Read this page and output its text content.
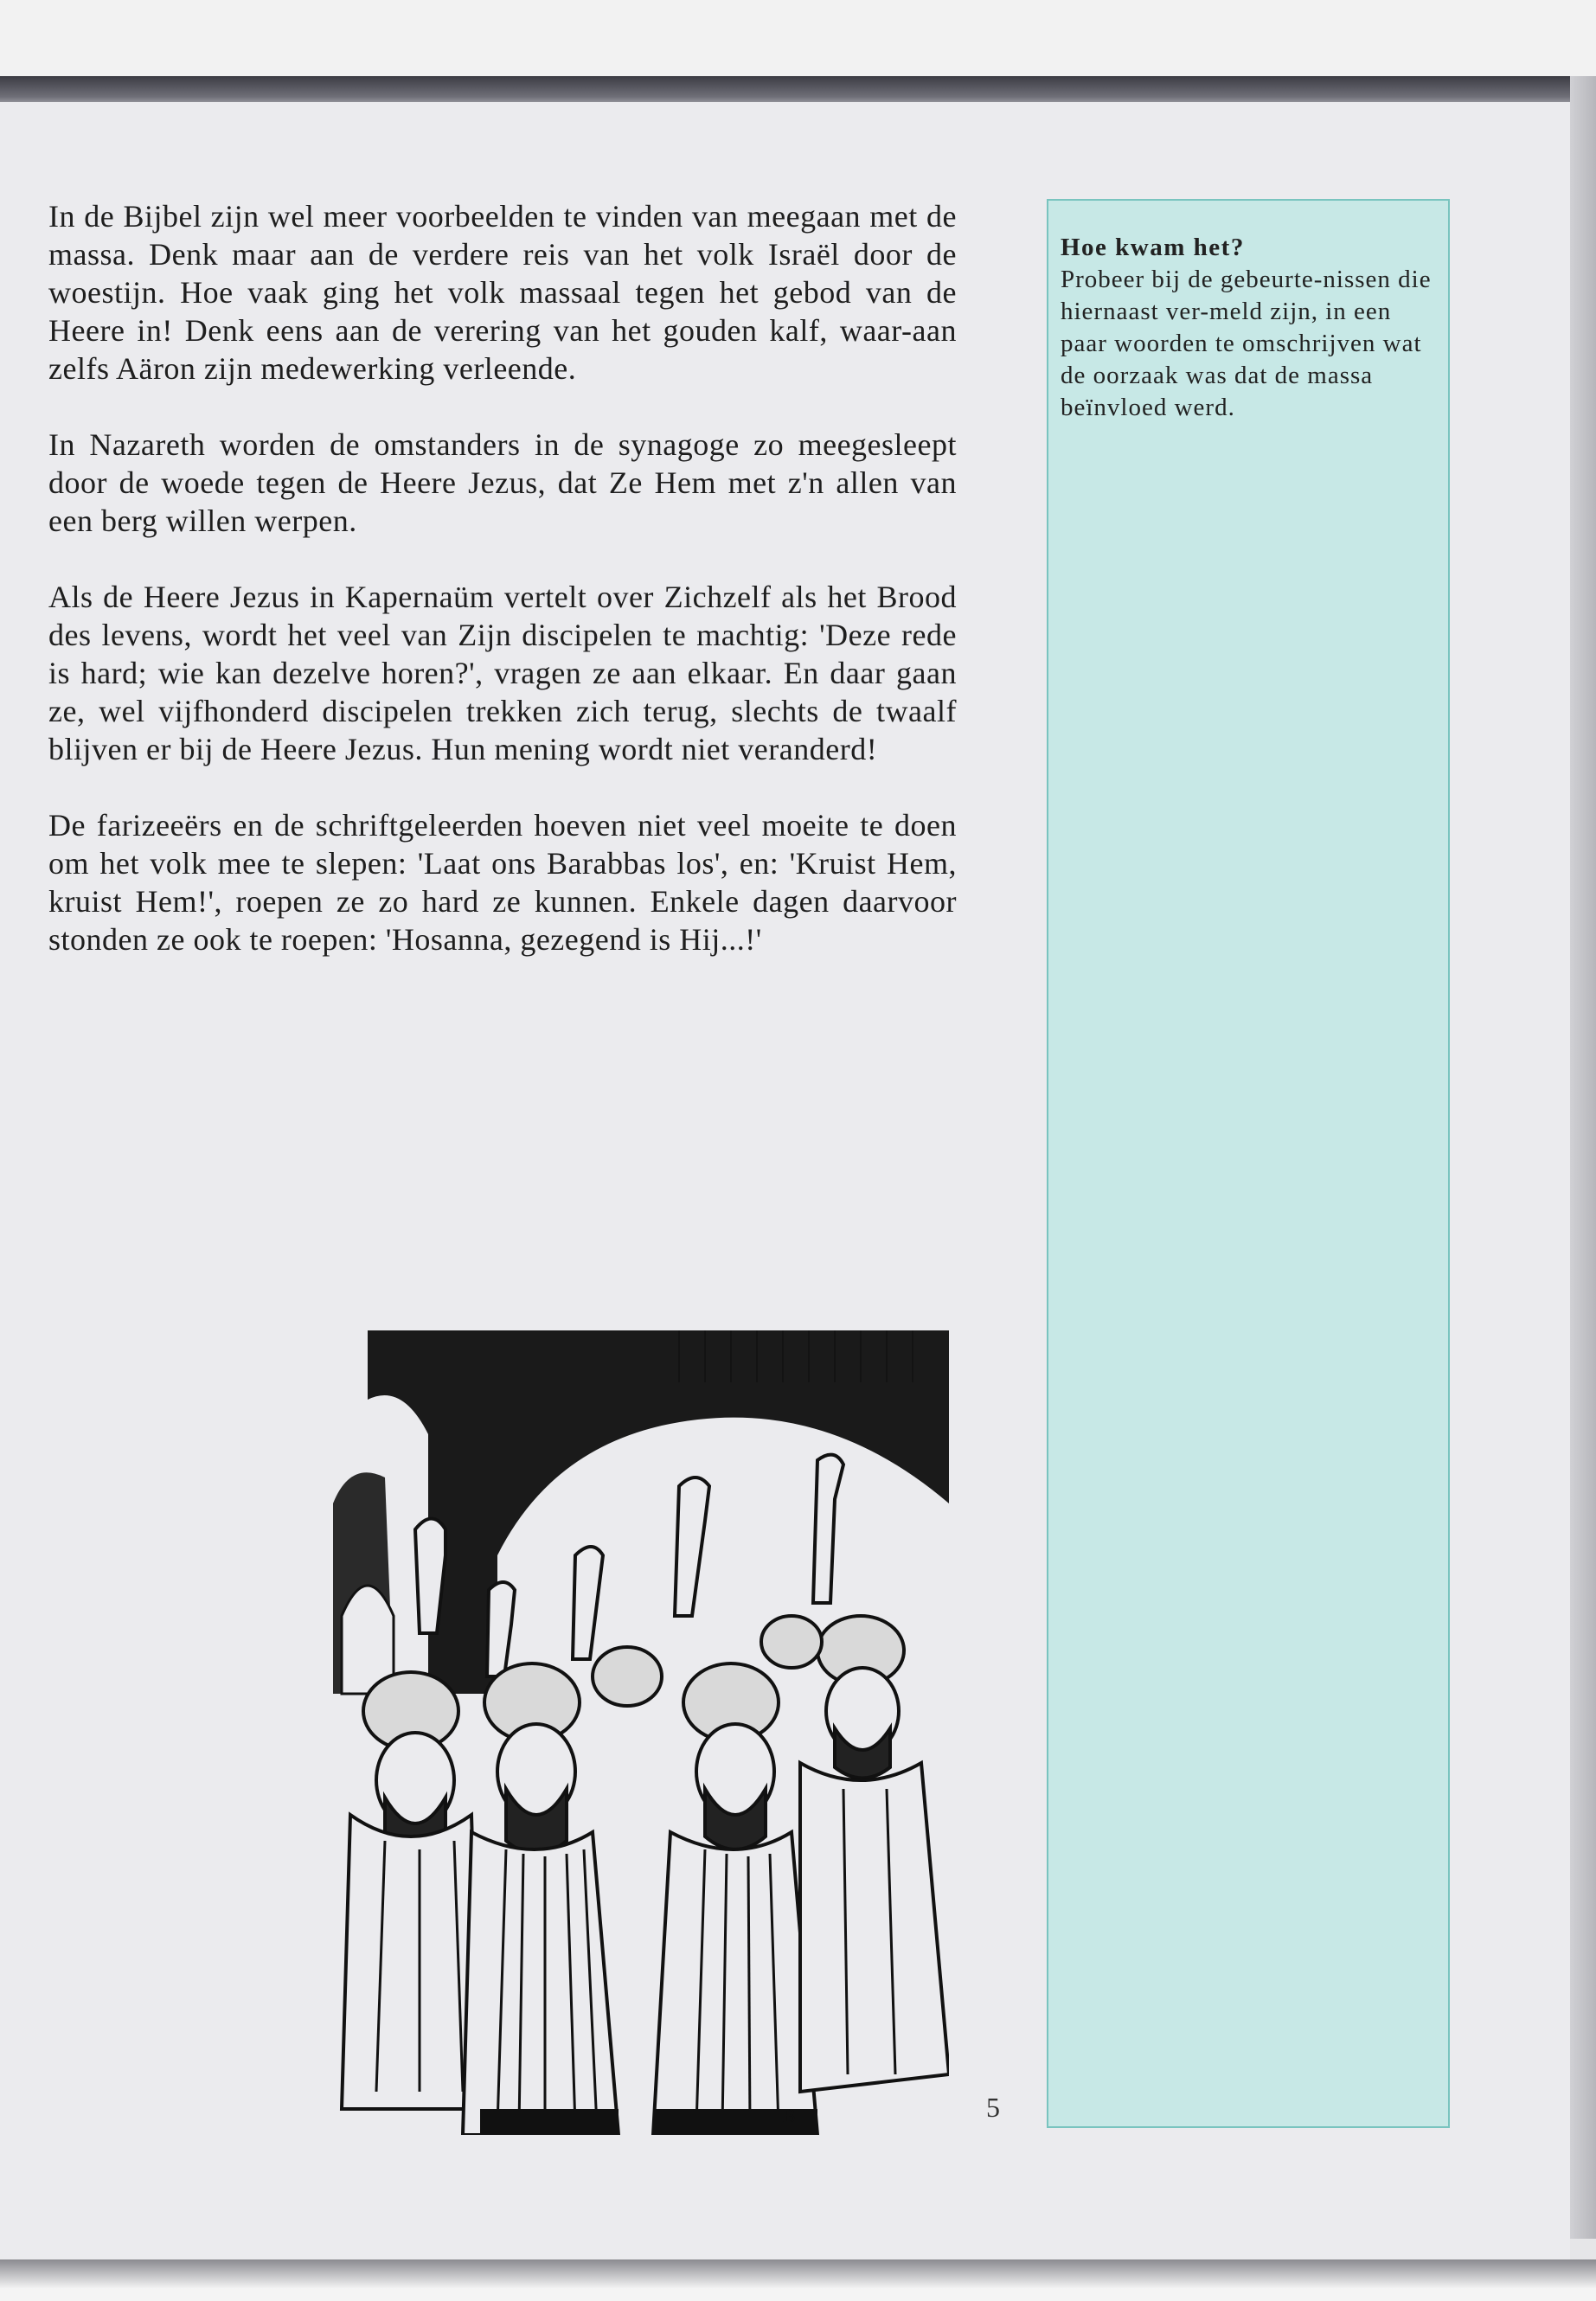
In de Bijbel zijn wel meer voorbeelden te vinden van meegaan met de massa. Denk maar aan de verdere reis van het volk Israël door de woestijn. Hoe vaak ging het volk massaal tegen het gebod van de Heere in! Denk eens aan de verering van het gouden kalf, waar-aan zelfs Aäron zijn medewerking verleende.

In Nazareth worden de omstanders in de synagoge zo meegesleept door de woede tegen de Heere Jezus, dat Ze Hem met z'n allen van een berg willen werpen.

Als de Heere Jezus in Kapernaüm vertelt over Zichzelf als het Brood des levens, wordt het veel van Zijn discipelen te machtig: 'Deze rede is hard; wie kan dezelve horen?', vragen ze aan elkaar. En daar gaan ze, wel vijfhonderd discipelen trekken zich terug, slechts de twaalf blijven er bij de Heere Jezus. Hun mening wordt niet veranderd!

De farizeeërs en de schriftgeleerden hoeven niet veel moeite te doen om het volk mee te slepen: 'Laat ons Barabbas los', en: 'Kruist Hem, kruist Hem!', roepen ze zo hard ze kunnen. Enkele dagen daarvoor stonden ze ook te roepen: 'Hosanna, gezegend is Hij...!'

Hoe kwam het?
Probeer bij de gebeurte-nissen die hiernaast ver-meld zijn, in een paar woorden te omschrijven wat de oorzaak was dat de massa beïnvloed werd.
B	5
